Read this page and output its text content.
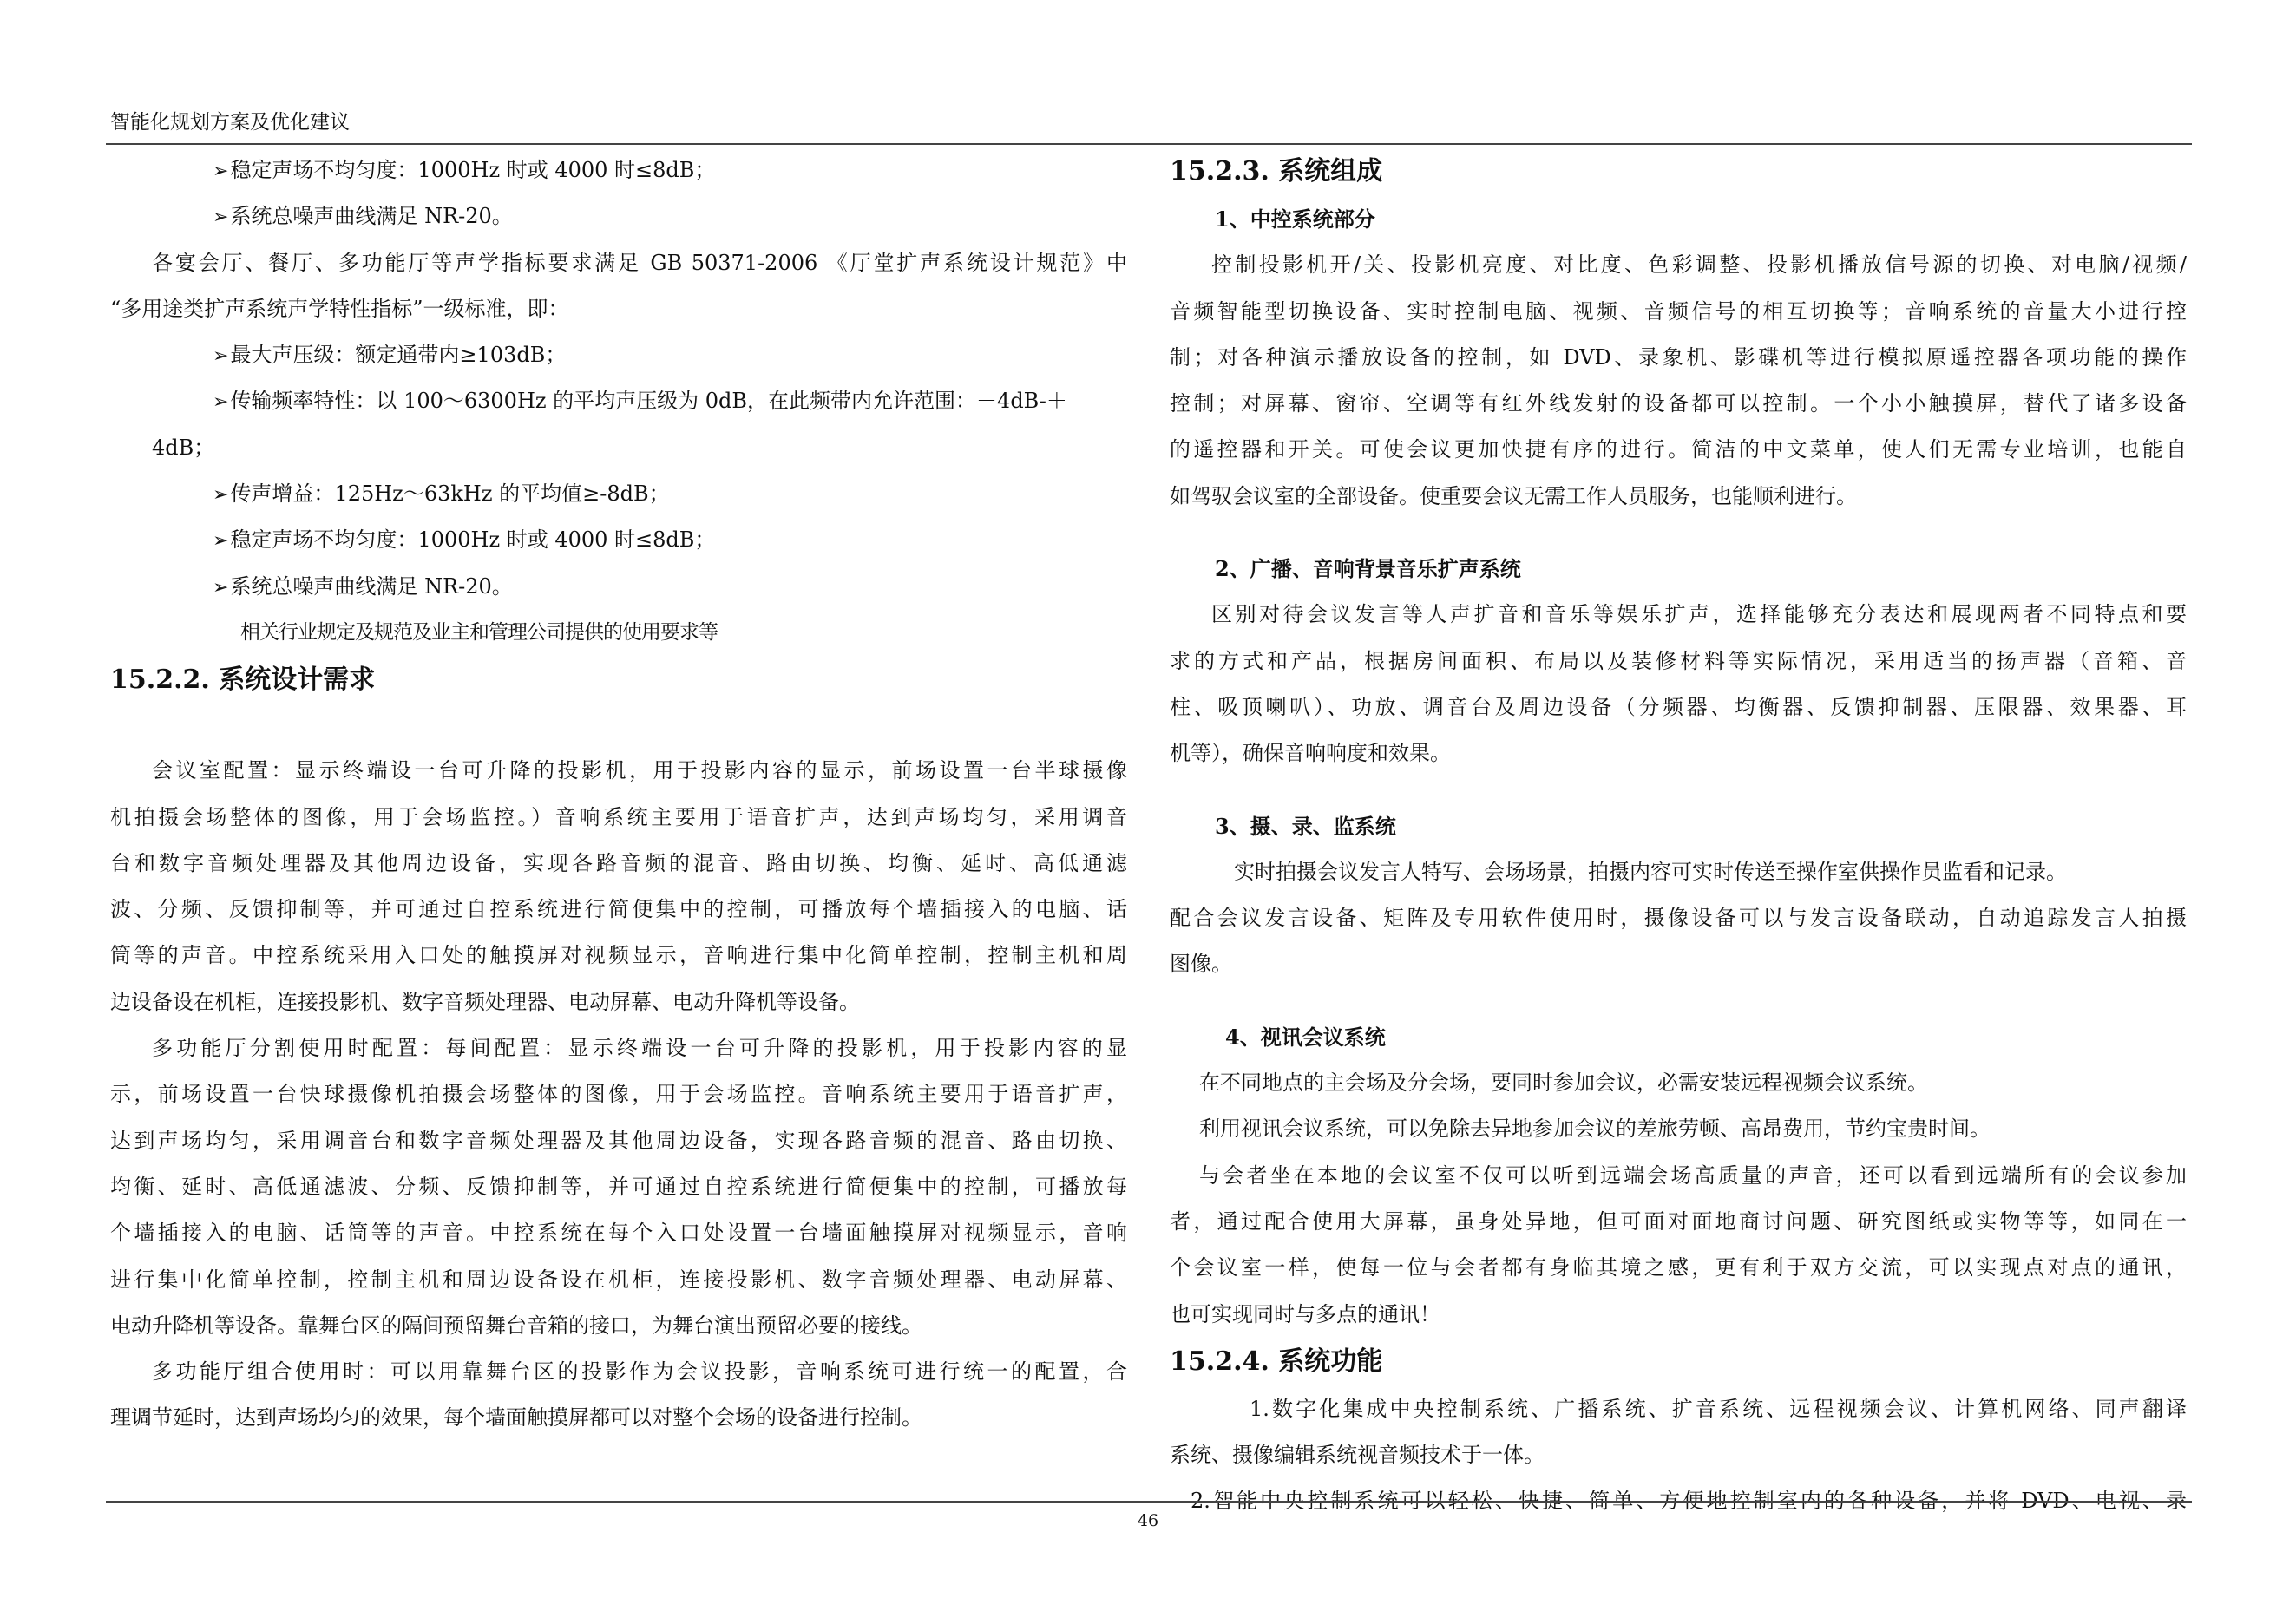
智能化规划方案及优化建议
➢稳定声场不均匀度：1000Hz 时或 4000 时≤8dB；
➢系统总噪声曲线满足 NR-20。
各宴会厅、餐厅、多功能厅等声学指标要求满足 GB 50371-2006 《厅堂扩声系统设计规范》中
“多用途类扩声系统声学特性指标”一级标准，即：
➢最大声压级：额定通带内≥103dB；
➢传输频率特性：以 100～6300Hz 的平均声压级为 0dB，在此频带内允许范围：－4dB-＋
4dB；
➢传声增益：125Hz～63kHz 的平均值≥-8dB；
➢稳定声场不均匀度：1000Hz 时或 4000 时≤8dB；
➢系统总噪声曲线满足 NR-20。
相关行业规定及规范及业主和管理公司提供的使用要求等
15.2.2. 系统设计需求
会议室配置：显示终端设一台可升降的投影机，用于投影内容的显示，前场设置一台半球摄像
机拍摄会场整体的图像，用于会场监控。）音响系统主要用于语音扩声，达到声场均匀，采用调音
台和数字音频处理器及其他周边设备，实现各路音频的混音、路由切换、均衡、延时、高低通滤
波、分频、反馈抑制等，并可通过自控系统进行简便集中的控制，可播放每个墙插接入的电脑、话
筒等的声音。中控系统采用入口处的触摸屏对视频显示，音响进行集中化简单控制，控制主机和周
边设备设在机柜，连接投影机、数字音频处理器、电动屏幕、电动升降机等设备。
多功能厅分割使用时配置：每间配置：显示终端设一台可升降的投影机，用于投影内容的显
示，前场设置一台快球摄像机拍摄会场整体的图像，用于会场监控。音响系统主要用于语音扩声，
达到声场均匀，采用调音台和数字音频处理器及其他周边设备，实现各路音频的混音、路由切换、
均衡、延时、高低通滤波、分频、反馈抑制等，并可通过自控系统进行简便集中的控制，可播放每
个墙插接入的电脑、话筒等的声音。中控系统在每个入口处设置一台墙面触摸屏对视频显示，音响
进行集中化简单控制，控制主机和周边设备设在机柜，连接投影机、数字音频处理器、电动屏幕、
电动升降机等设备。靠舞台区的隔间预留舞台音箱的接口，为舞台演出预留必要的接线。
多功能厅组合使用时：可以用靠舞台区的投影作为会议投影，音响系统可进行统一的配置，合
理调节延时，达到声场均匀的效果，每个墙面触摸屏都可以对整个会场的设备进行控制。
15.2.3. 系统组成
1、中控系统部分
控制投影机开/关、投影机亮度、对比度、色彩调整、投影机播放信号源的切换、对电脑/视频/
音频智能型切换设备、实时控制电脑、视频、音频信号的相互切换等；音响系统的音量大小进行控
制；对各种演示播放设备的控制，如 DVD、录象机、影碟机等进行模拟原遥控器各项功能的操作
控制；对屏幕、窗帘、空调等有红外线发射的设备都可以控制。一个小小触摸屏，替代了诸多设备
的遥控器和开关。可使会议更加快捷有序的进行。简洁的中文菜单，使人们无需专业培训，也能自
如驾驭会议室的全部设备。使重要会议无需工作人员服务，也能顺利进行。
2、广播、音响背景音乐扩声系统
区别对待会议发言等人声扩音和音乐等娱乐扩声，选择能够充分表达和展现两者不同特点和要
求的方式和产品，根据房间面积、布局以及装修材料等实际情况，采用适当的扬声器（音箱、音
柱、吸顶喇叭）、功放、调音台及周边设备（分频器、均衡器、反馈抑制器、压限器、效果器、耳
机等），确保音响响度和效果。
3、摄、录、监系统
实时拍摄会议发言人特写、会场场景，拍摄内容可实时传送至操作室供操作员监看和记录。
配合会议发言设备、矩阵及专用软件使用时，摄像设备可以与发言设备联动，自动追踪发言人拍摄
图像。
4、视讯会议系统
在不同地点的主会场及分会场，要同时参加会议，必需安装远程视频会议系统。
利用视讯会议系统，可以免除去异地参加会议的差旅劳顿、高昂费用，节约宝贵时间。
与会者坐在本地的会议室不仅可以听到远端会场高质量的声音，还可以看到远端所有的会议参加
者，通过配合使用大屏幕，虽身处异地，但可面对面地商讨问题、研究图纸或实物等等，如同在一
个会议室一样，使每一位与会者都有身临其境之感，更有利于双方交流，可以实现点对点的通讯，
也可实现同时与多点的通讯！
15.2.4. 系统功能
1.数字化集成中央控制系统、广播系统、扩音系统、远程视频会议、计算机网络、同声翻译
系统、摄像编辑系统视音频技术于一体。
2.智能中央控制系统可以轻松、快捷、简单、方便地控制室内的各种设备，并将 DVD、电视、录
46
